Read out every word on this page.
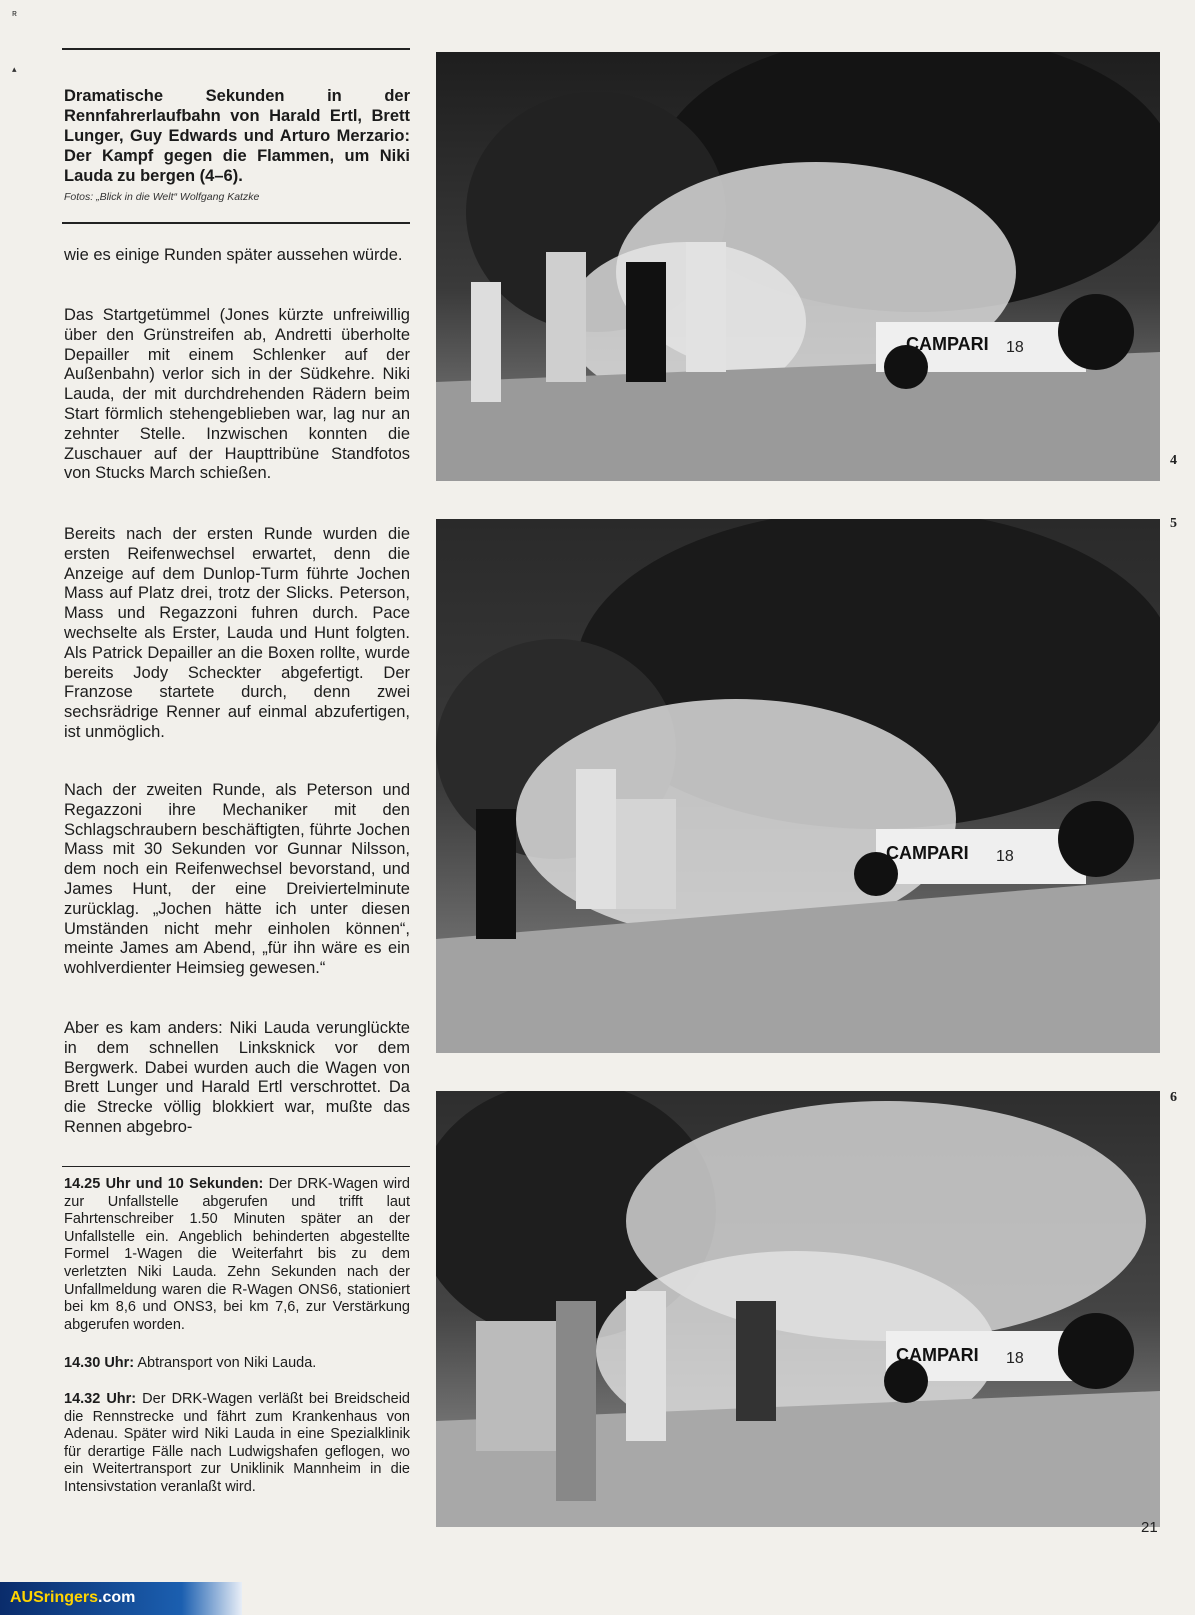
ʀ
▴

Dramatische Sekunden in der Rennfahrerlaufbahn von Harald Ertl, Brett Lunger, Guy Edwards und Arturo Merzario: Der Kampf gegen die Flammen, um Niki Lauda zu bergen (4–6).

Fotos: „Blick in die Welt“ Wolfgang Katzke

wie es einige Runden später aussehen würde.

Das Startgetümmel (Jones kürzte unfreiwillig über den Grünstreifen ab, Andretti überholte Depailler mit einem Schlenker auf der Außenbahn) verlor sich in der Südkehre. Niki Lauda, der mit durchdrehenden Rädern beim Start förmlich stehengeblieben war, lag nur an zehnter Stelle. Inzwischen konnten die Zuschauer auf der Haupttribüne Standfotos von Stucks March schießen.

Bereits nach der ersten Runde wurden die ersten Reifenwechsel erwartet, denn die Anzeige auf dem Dunlop-Turm führte Jochen Mass auf Platz drei, trotz der Slicks. Peterson, Mass und Regazzoni fuhren durch. Pace wechselte als Erster, Lauda und Hunt folgten. Als Patrick Depailler an die Boxen rollte, wurde bereits Jody Scheckter abgefertigt. Der Franzose startete durch, denn zwei sechsrädrige Renner auf einmal abzufertigen, ist unmöglich.

Nach der zweiten Runde, als Peterson und Regazzoni ihre Mechaniker mit den Schlagschraubern beschäftigten, führte Jochen Mass mit 30 Sekunden vor Gunnar Nilsson, dem noch ein Reifenwechsel bevorstand, und James Hunt, der eine Dreiviertelminute zurücklag. „Jochen hätte ich unter diesen Umständen nicht mehr einholen können“, meinte James am Abend, „für ihn wäre es ein wohlverdienter Heimsieg gewesen.“

Aber es kam anders: Niki Lauda verunglückte in dem schnellen Linksknick vor dem Bergwerk. Dabei wurden auch die Wagen von Brett Lunger und Harald Ertl verschrottet. Da die Strecke völlig blokkiert war, mußte das Rennen abgebro-

14.25 Uhr und 10 Sekunden: Der DRK-Wagen wird zur Unfallstelle abgerufen und trifft laut Fahrtenschreiber 1.50 Minuten später an der Unfallstelle ein. Angeblich behinderten abgestellte Formel 1-Wagen die Weiterfahrt bis zu dem verletzten Niki Lauda. Zehn Sekunden nach der Unfallmeldung waren die R-Wagen ONS6, stationiert bei km 8,6 und ONS3, bei km 7,6, zur Verstärkung abgerufen worden.

14.30 Uhr: Abtransport von Niki Lauda.

14.32 Uhr: Der DRK-Wagen verläßt bei Breidscheid die Rennstrecke und fährt zum Krankenhaus von Adenau. Später wird Niki Lauda in eine Spezialklinik für derartige Fälle nach Ludwigshafen geflogen, wo ein Weitertransport zur Uniklinik Mannheim in die Intensivstation veranlaßt wird.

CAMPARI 18
4
CAMPARI 18
5
CAMPARI 18
6
21
AUSringers.com
